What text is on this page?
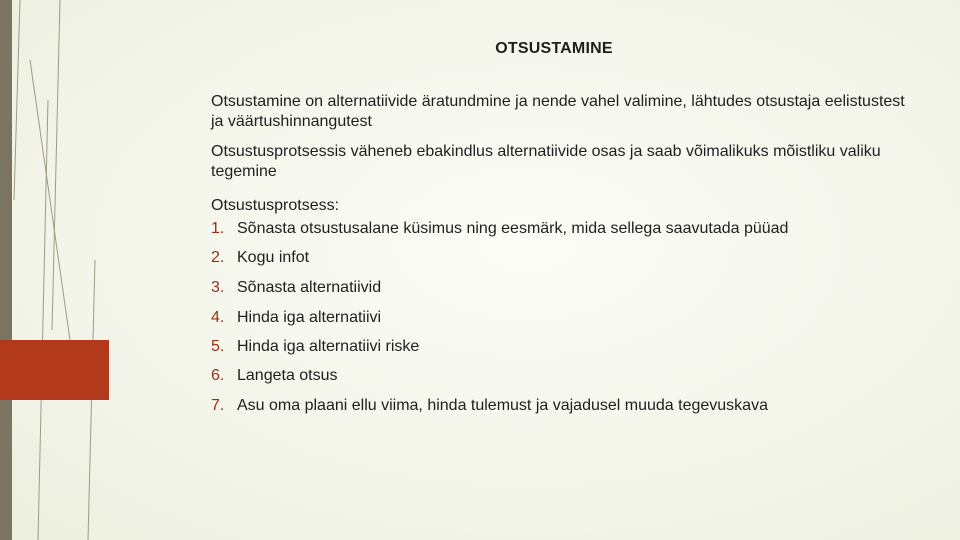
OTSUSTAMINE

Otsustamine on alternatiivide äratundmine ja nende vahel valimine, lähtudes otsustaja eelistustest ja väärtushinnangutest

Otsustusprotsessis väheneb ebakindlus alternatiivide osas ja saab võimalikuks mõistliku valiku tegemine

Otsustusprotsess:

1. Sõnasta otsustusalane küsimus ning eesmärk, mida sellega saavutada püüad
2. Kogu infot
3. Sõnasta alternatiivid
4. Hinda iga alternatiivi
5. Hinda iga alternatiivi riske
6. Langeta otsus
7. Asu oma plaani ellu viima, hinda tulemust ja vajadusel muuda tegevuskava
